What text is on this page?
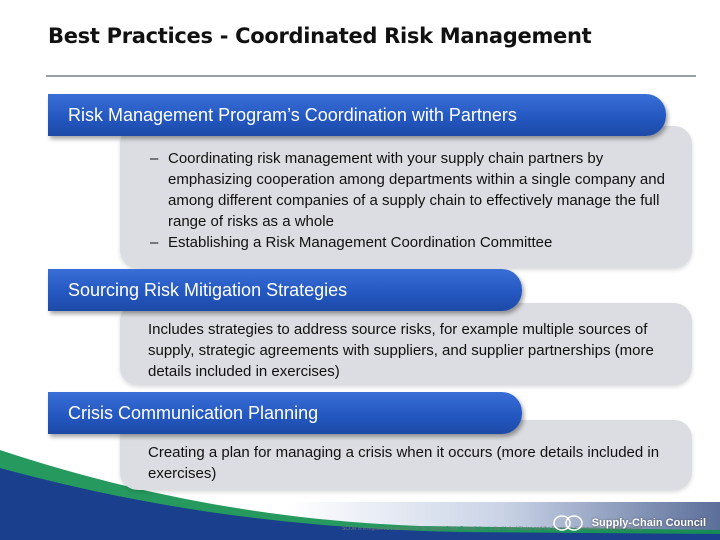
Best Practices - Coordinated Risk Management
– Coordinating risk management with your supply chain partners by emphasizing cooperation among departments within a single company and among different companies of a supply chain to effectively manage the full range of risks as a whole
– Establishing a Risk Management Coordination Committee
Risk Management Program’s Coordination with Partners
Includes strategies to address source risks, for example multiple sources of supply, strategic agreements with suppliers, and supplier partnerships (more details included in exercises)
Sourcing Risk Mitigation Strategies
Creating a plan for managing a crisis when it occurs (more details included in exercises)
Crisis Communication Planning
SCOR is a registered trademark of the Supply-Chain Council, Inc. in the United States and the European Community; all rights reserved.
Supply-Chain Council
